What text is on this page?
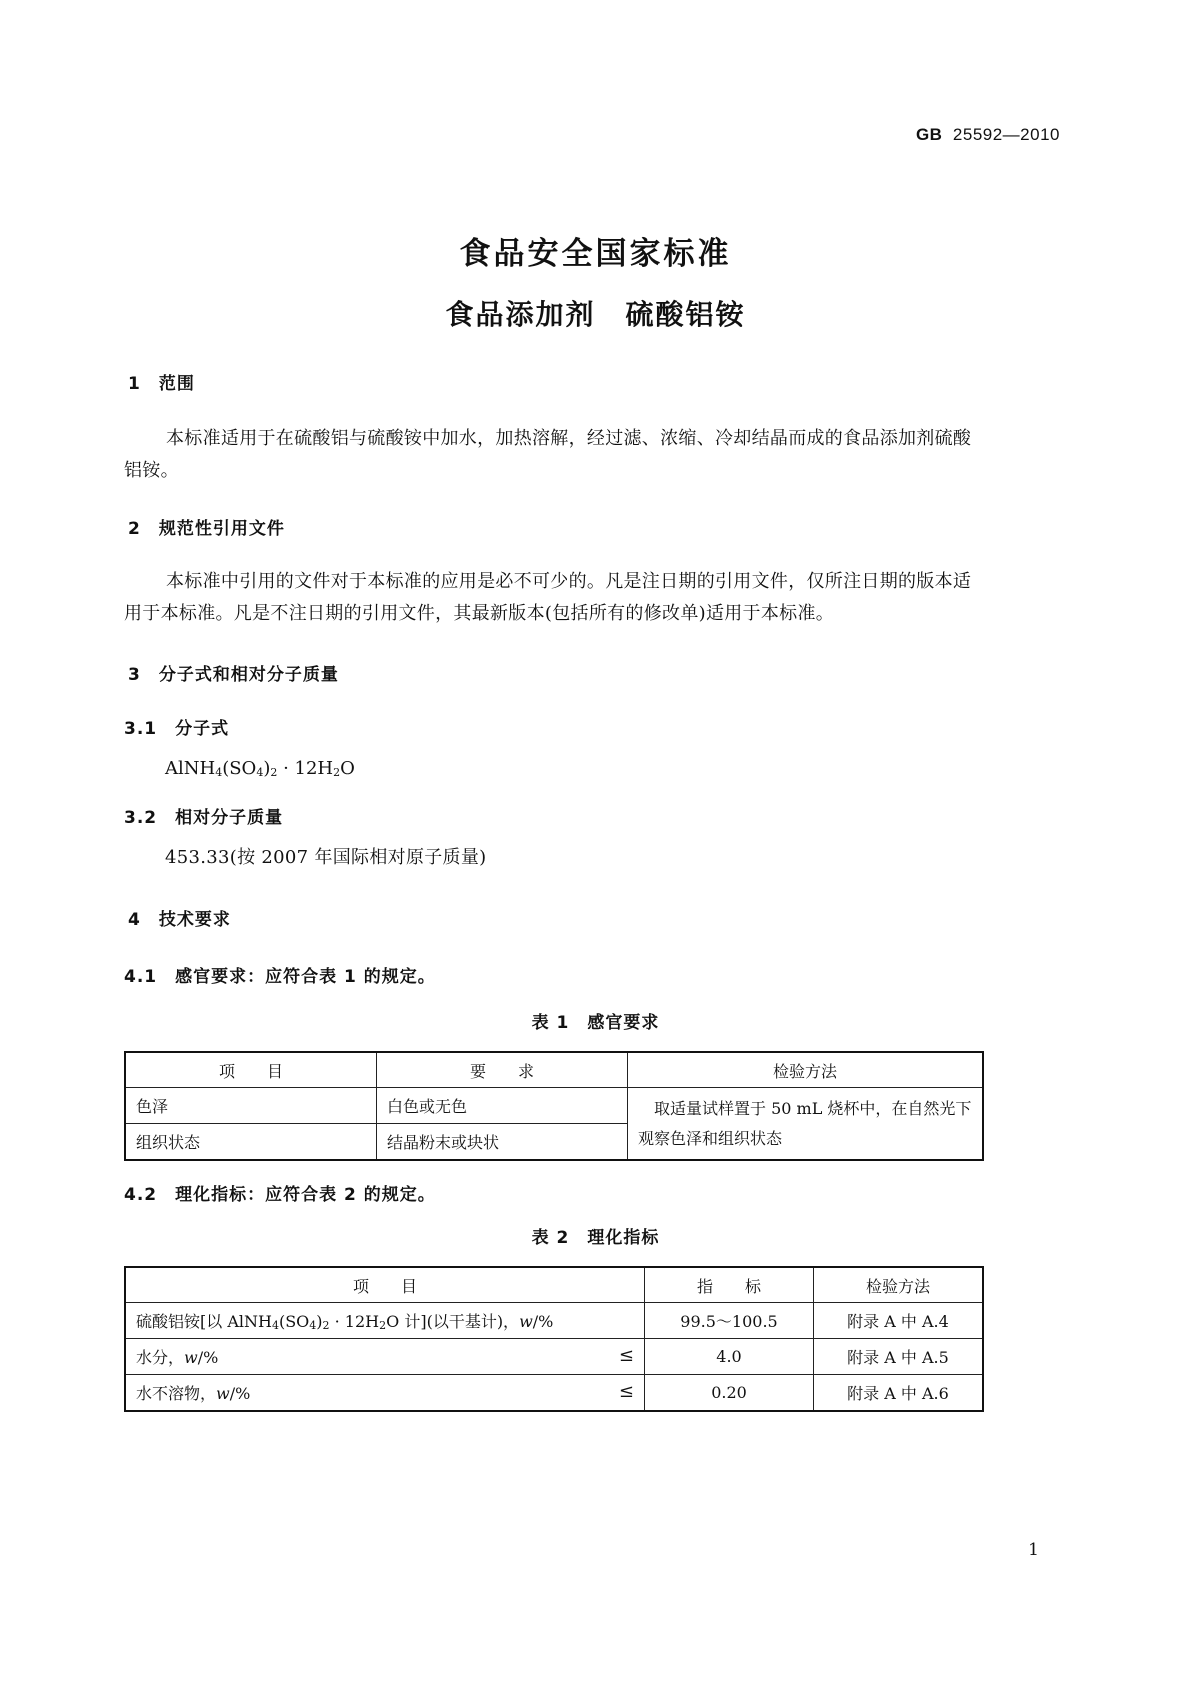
GB 25592—2010
食品安全国家标准
食品添加剂　硫酸铝铵
1　范围
本标准适用于在硫酸铝与硫酸铵中加水，加热溶解，经过滤、浓缩、冷却结晶而成的食品添加剂硫酸铝铵。
2　规范性引用文件
本标准中引用的文件对于本标准的应用是必不可少的。凡是注日期的引用文件，仅所注日期的版本适用于本标准。凡是不注日期的引用文件，其最新版本(包括所有的修改单)适用于本标准。
3　分子式和相对分子质量
3.1　分子式
$AlNH_4(SO_4)_2 \cdot 12H_2O$
3.2　相对分子质量
453.33(按 2007 年国际相对原子质量)
4　技术要求
4.1　感官要求：应符合表 1 的规定。
表 1　感官要求
项　　目	要　　求	检验方法
色泽	白色或无色	取适量试样置于 50 mL 烧杯中，在自然光下观察色泽和组织状态
组织状态	结晶粉末或块状	
4.2　理化指标：应符合表 2 的规定。
表 2　理化指标
项　　目	指　　标	检验方法
硫酸铝铵[以 $AlNH_4(SO_4)_2 \cdot 12H_2O$ 计](以干基计)，w/%	99.5～100.5	附录 A 中 A.4
水分，w/% ≤	4.0	附录 A 中 A.5
水不溶物，w/% ≤	0.20	附录 A 中 A.6
1
